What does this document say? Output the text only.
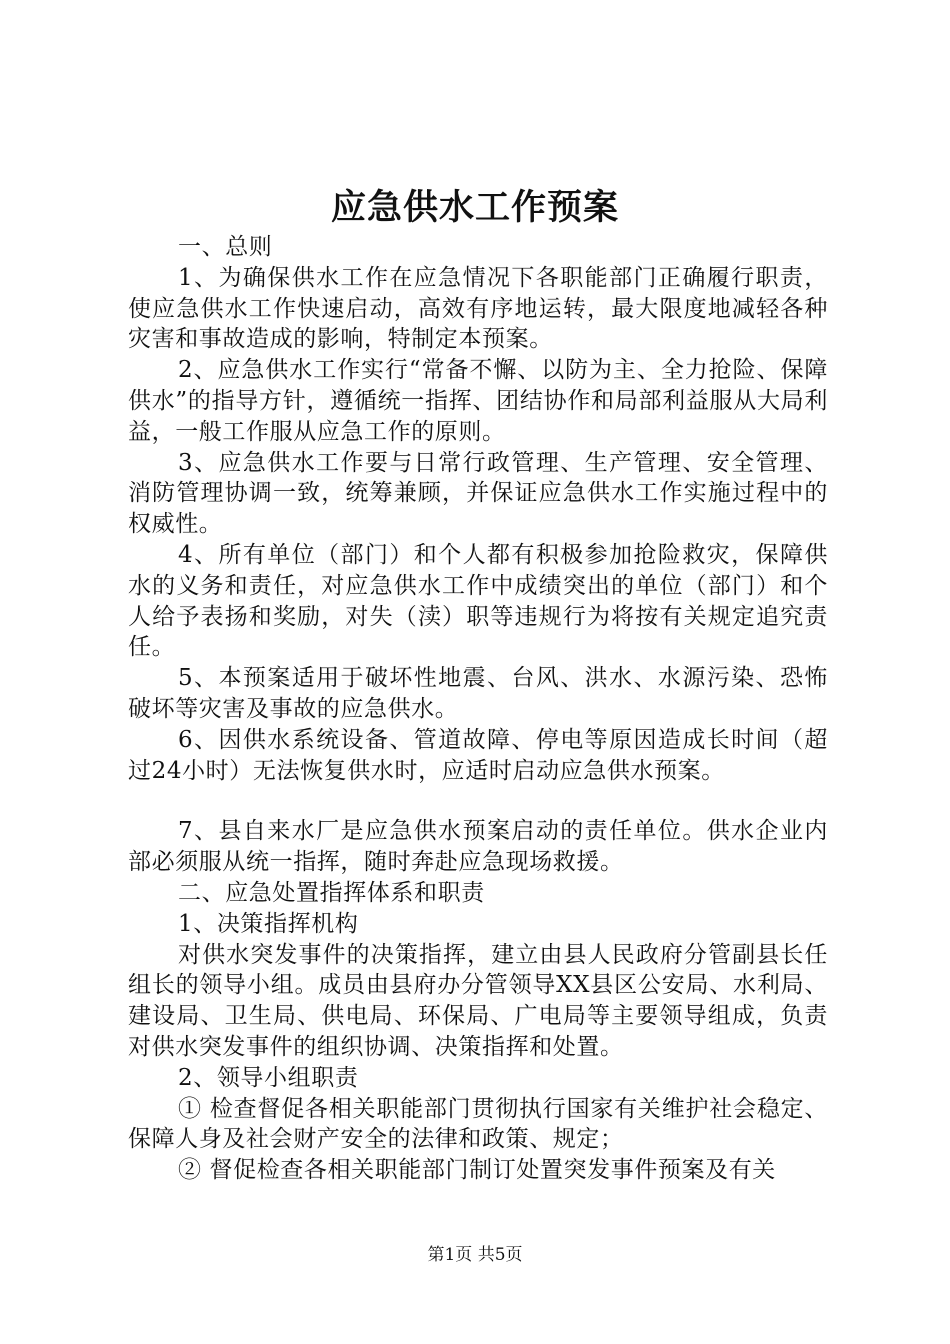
应急供水工作预案

一、总则

1、为确保供水工作在应急情况下各职能部门正确履行职责，使应急供水工作快速启动，高效有序地运转，最大限度地减轻各种灾害和事故造成的影响，特制定本预案。

2、应急供水工作实行“常备不懈、以防为主、全力抢险、保障供水”的指导方针，遵循统一指挥、团结协作和局部利益服从大局利益，一般工作服从应急工作的原则。

3、应急供水工作要与日常行政管理、生产管理、安全管理、消防管理协调一致，统筹兼顾，并保证应急供水工作实施过程中的权威性。

4、所有单位（部门）和个人都有积极参加抢险救灾，保障供水的义务和责任，对应急供水工作中成绩突出的单位（部门）和个人给予表扬和奖励，对失（渎）职等违规行为将按有关规定追究责任。

5、本预案适用于破坏性地震、台风、洪水、水源污染、恐怖破坏等灾害及事故的应急供水。

6、因供水系统设备、管道故障、停电等原因造成长时间（超过24小时）无法恢复供水时，应适时启动应急供水预案。

7、县自来水厂是应急供水预案启动的责任单位。供水企业内部必须服从统一指挥，随时奔赴应急现场救援。

二、应急处置指挥体系和职责

1、决策指挥机构

对供水突发事件的决策指挥，建立由县人民政府分管副县长任组长的领导小组。成员由县府办分管领导XX县区公安局、水利局、建设局、卫生局、供电局、环保局、广电局等主要领导组成，负责对供水突发事件的组织协调、决策指挥和处置。

2、领导小组职责

① 检查督促各相关职能部门贯彻执行国家有关维护社会稳定、保障人身及社会财产安全的法律和政策、规定；

② 督促检查各相关职能部门制订处置突发事件预案及有关

第1页 共5页
